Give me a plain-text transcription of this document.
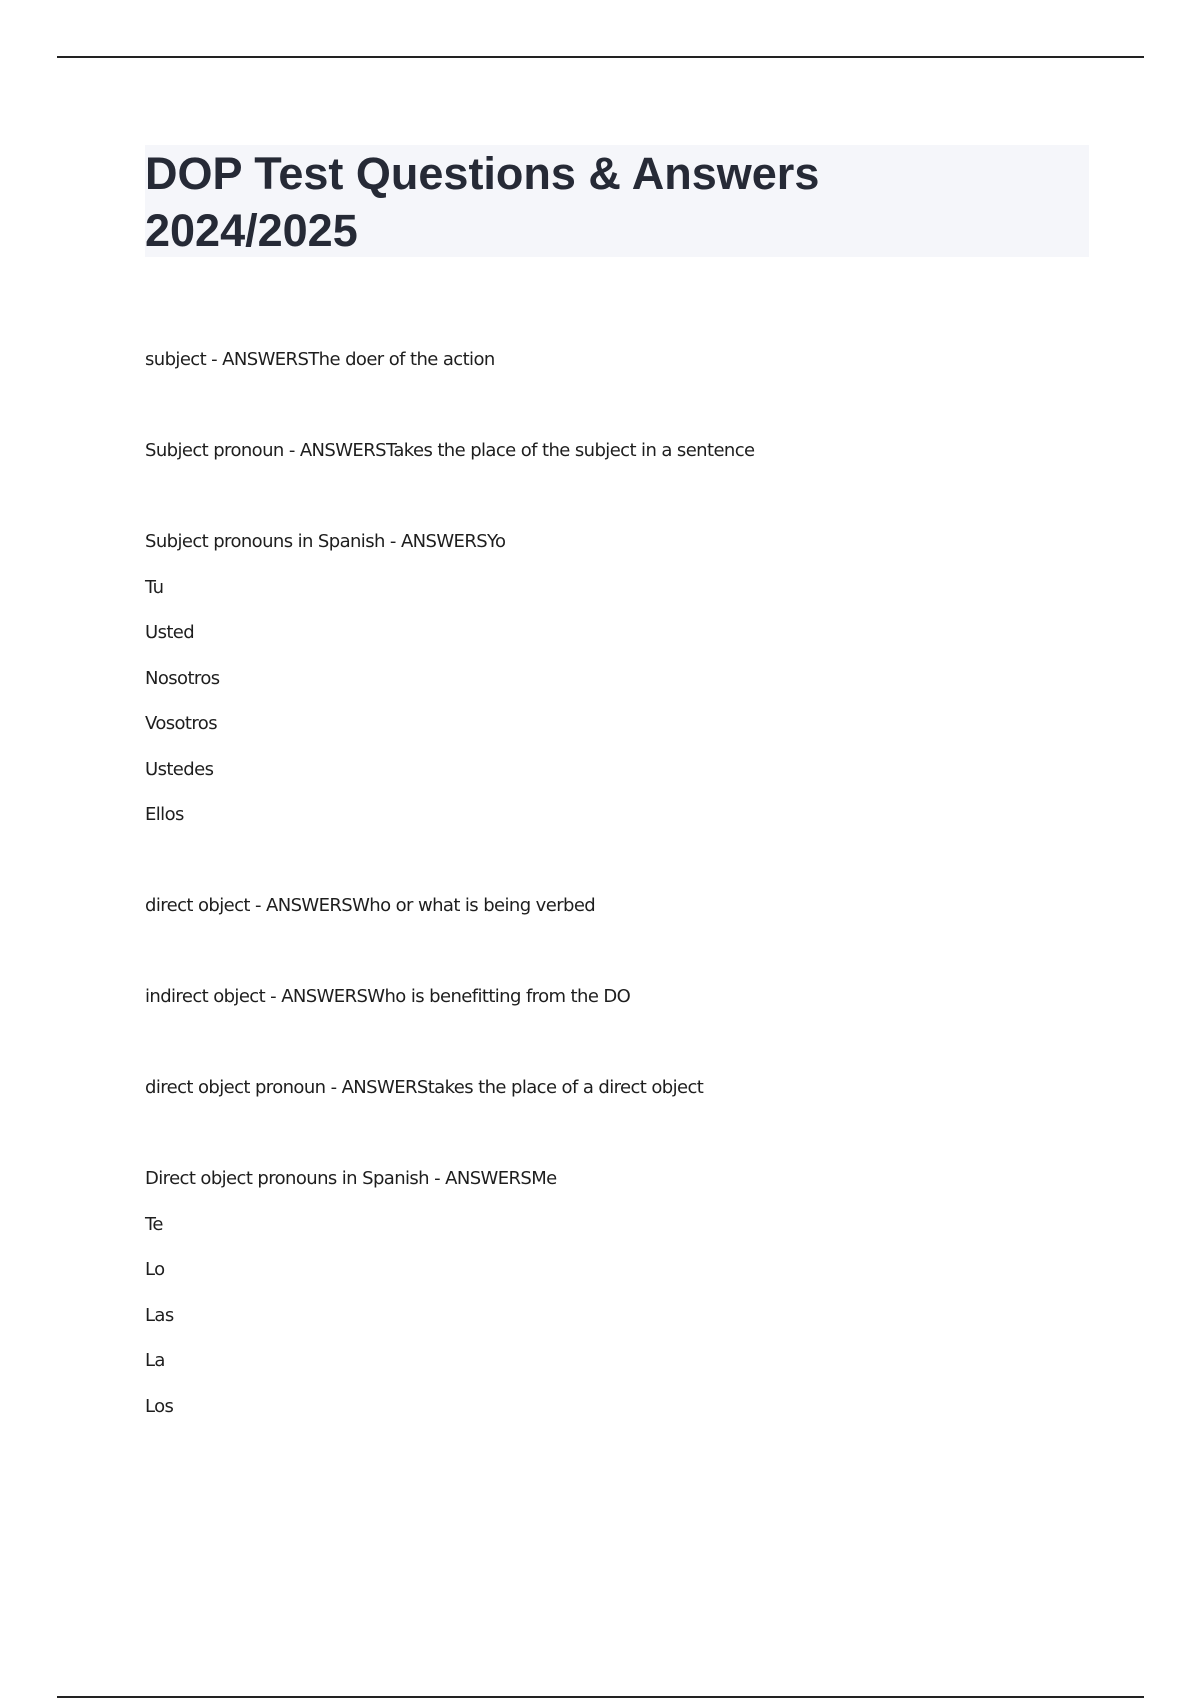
DOP Test Questions & Answers
2024/2025
subject - ANSWERSThe doer of the action
Subject pronoun - ANSWERSTakes the place of the subject in a sentence
Subject pronouns in Spanish - ANSWERSYo
Tu
Usted
Nosotros
Vosotros
Ustedes
Ellos
direct object - ANSWERSWho or what is being verbed
indirect object - ANSWERSWho is benefitting from the DO
direct object pronoun - ANSWERStakes the place of a direct object
Direct object pronouns in Spanish - ANSWERSMe
Te
Lo
Las
La
Los
